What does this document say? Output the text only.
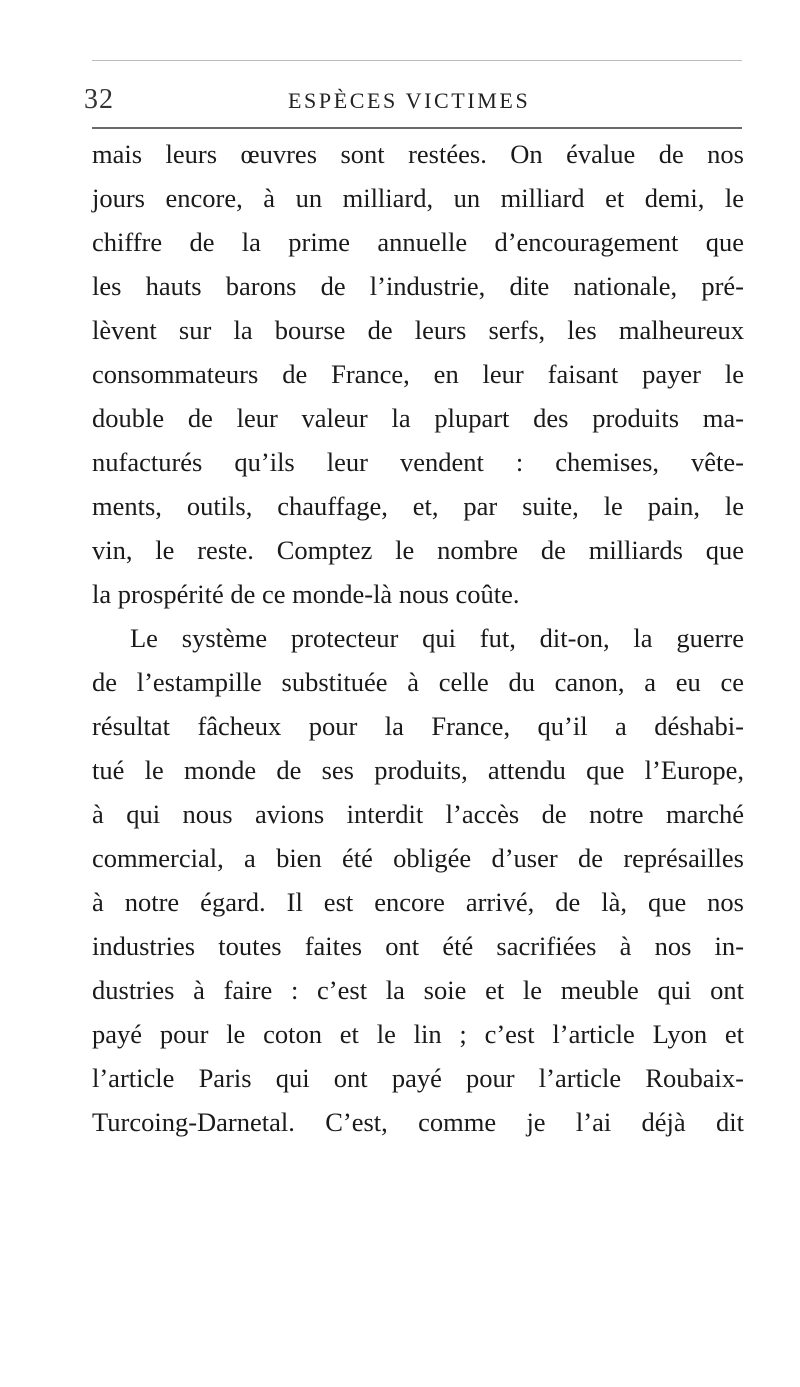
32	ESPÈCES VICTIMES
mais leurs œuvres sont restées. On évalue de nos
jours encore, à un milliard, un milliard et demi, le
chiffre de la prime annuelle d’encouragement que
les hauts barons de l’industrie, dite nationale, pré-
lèvent sur la bourse de leurs serfs, les malheureux
consommateurs de France, en leur faisant payer le
double de leur valeur la plupart des produits ma-
nufacturés qu’ils leur vendent : chemises, vête-
ments, outils, chauffage, et, par suite, le pain, le
vin, le reste. Comptez le nombre de milliards que
la prospérité de ce monde-là nous coûte.
Le système protecteur qui fut, dit-on, la guerre
de l’estampille substituée à celle du canon, a eu ce
résultat fâcheux pour la France, qu’il a déshabi-
tué le monde de ses produits, attendu que l’Europe,
à qui nous avions interdit l’accès de notre marché
commercial, a bien été obligée d’user de représailles
à notre égard. Il est encore arrivé, de là, que nos
industries toutes faites ont été sacrifiées à nos in-
dustries à faire : c’est la soie et le meuble qui ont
payé pour le coton et le lin ; c’est l’article Lyon et
l’article Paris qui ont payé pour l’article Roubaix-
Turcoing-Darnetal. C’est, comme je l’ai déjà dit
